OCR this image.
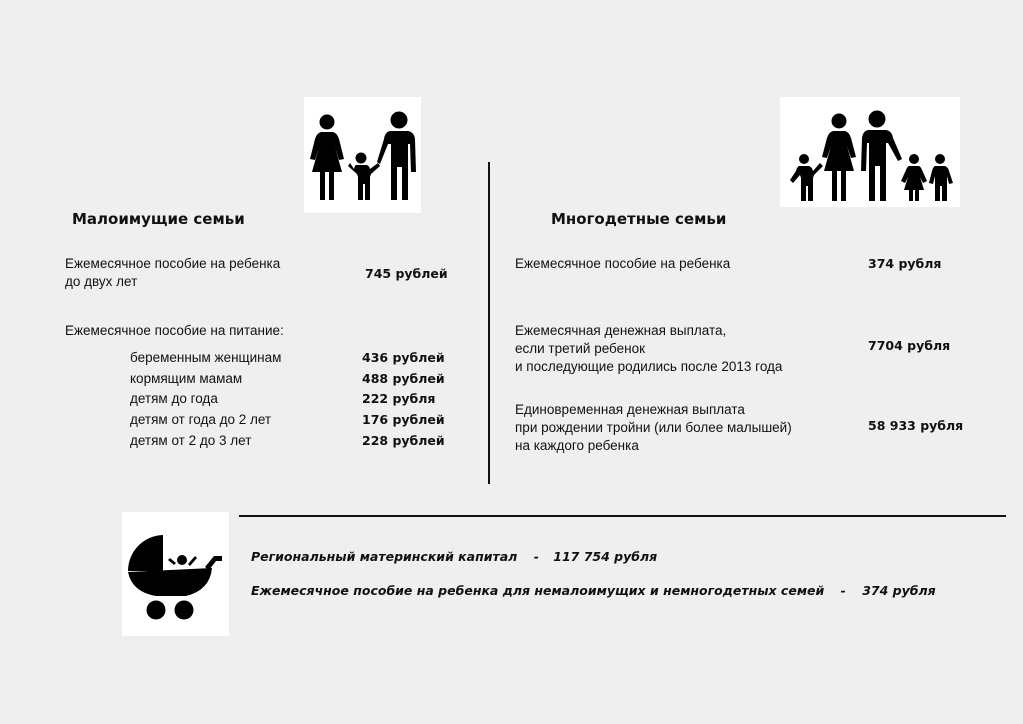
Малоимущие семьи	Многодетные семьи
Ежемесячное пособие на ребенка
до двух лет
745 рублей
Ежемесячное пособие на питание:
беременным женщинам	436 рублей
кормящим мамам	488 рублей
детям до года	222 рубля
детям от года до 2 лет	176 рублей
детям от 2 до 3 лет	228 рублей
Ежемесячное пособие на ребенка	374 рубля
Ежемесячная денежная выплата,
если третий ребенок
и последующие родились после 2013 года
7704 рубля
Единовременная денежная выплата
при рождении тройни (или более малышей)
на каждого ребенка
58 933 рубля
Региональный материнский капитал - 117 754 рубля
Ежемесячное пособие на ребенка для немалоимущих и немногодетных семей - 374 рубля
